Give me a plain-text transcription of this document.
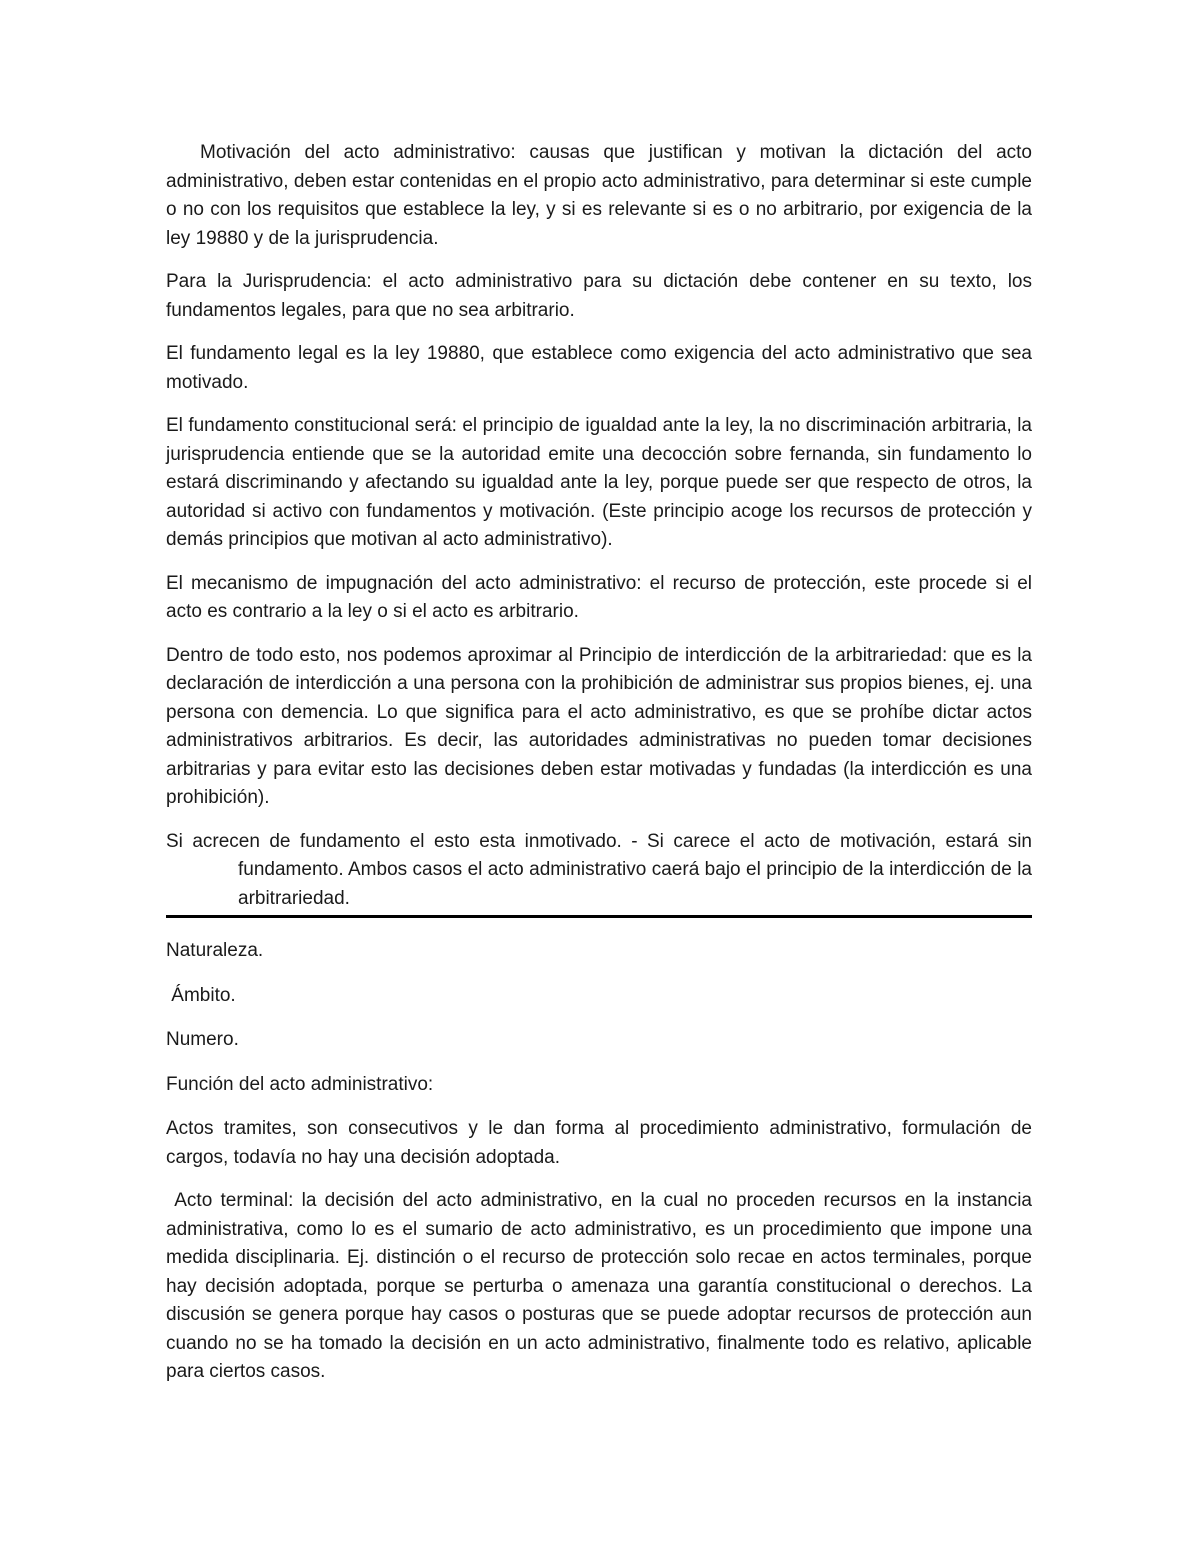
Motivación del acto administrativo: causas que justifican y motivan la dictación del acto administrativo, deben estar contenidas en el propio acto administrativo, para determinar si este cumple o no con los requisitos que establece la ley, y si es relevante si es o no arbitrario, por exigencia de la ley 19880 y de la jurisprudencia.

Para la Jurisprudencia: el acto administrativo para su dictación debe contener en su texto, los fundamentos legales, para que no sea arbitrario.

El fundamento legal es la ley 19880, que establece como exigencia del acto administrativo que sea motivado.

El fundamento constitucional será: el principio de igualdad ante la ley, la no discriminación arbitraria, la jurisprudencia entiende que se la autoridad emite una decocción sobre fernanda, sin fundamento lo estará discriminando y afectando su igualdad ante la ley, porque puede ser que respecto de otros, la autoridad si activo con fundamentos y motivación. (Este principio acoge los recursos de protección y demás principios que motivan al acto administrativo).

El mecanismo de impugnación del acto administrativo: el recurso de protección, este procede si el acto es contrario a la ley o si el acto es arbitrario.

Dentro de todo esto, nos podemos aproximar al Principio de interdicción de la arbitrariedad: que es la declaración de interdicción a una persona con la prohibición de administrar sus propios bienes, ej. una persona con demencia. Lo que significa para el acto administrativo, es que se prohíbe dictar actos administrativos arbitrarios. Es decir, las autoridades administrativas no pueden tomar decisiones arbitrarias y para evitar esto las decisiones deben estar motivadas y fundadas (la interdicción es una prohibición).

Si acrecen de fundamento el esto esta inmotivado. - Si carece el acto de motivación, estará sin fundamento. Ambos casos el acto administrativo caerá bajo el principio de la interdicción de la arbitrariedad.

Naturaleza.

Ámbito.

Numero.

Función del acto administrativo:

Actos tramites, son consecutivos y le dan forma al procedimiento administrativo, formulación de cargos, todavía no hay una decisión adoptada.

Acto terminal: la decisión del acto administrativo, en la cual no proceden recursos en la instancia administrativa, como lo es el sumario de acto administrativo, es un procedimiento que impone una medida disciplinaria. Ej. distinción o el recurso de protección solo recae en actos terminales, porque hay decisión adoptada, porque se perturba o amenaza una garantía constitucional o derechos. La discusión se genera porque hay casos o posturas que se puede adoptar recursos de protección aun cuando no se ha tomado la decisión en un acto administrativo, finalmente todo es relativo, aplicable para ciertos casos.
